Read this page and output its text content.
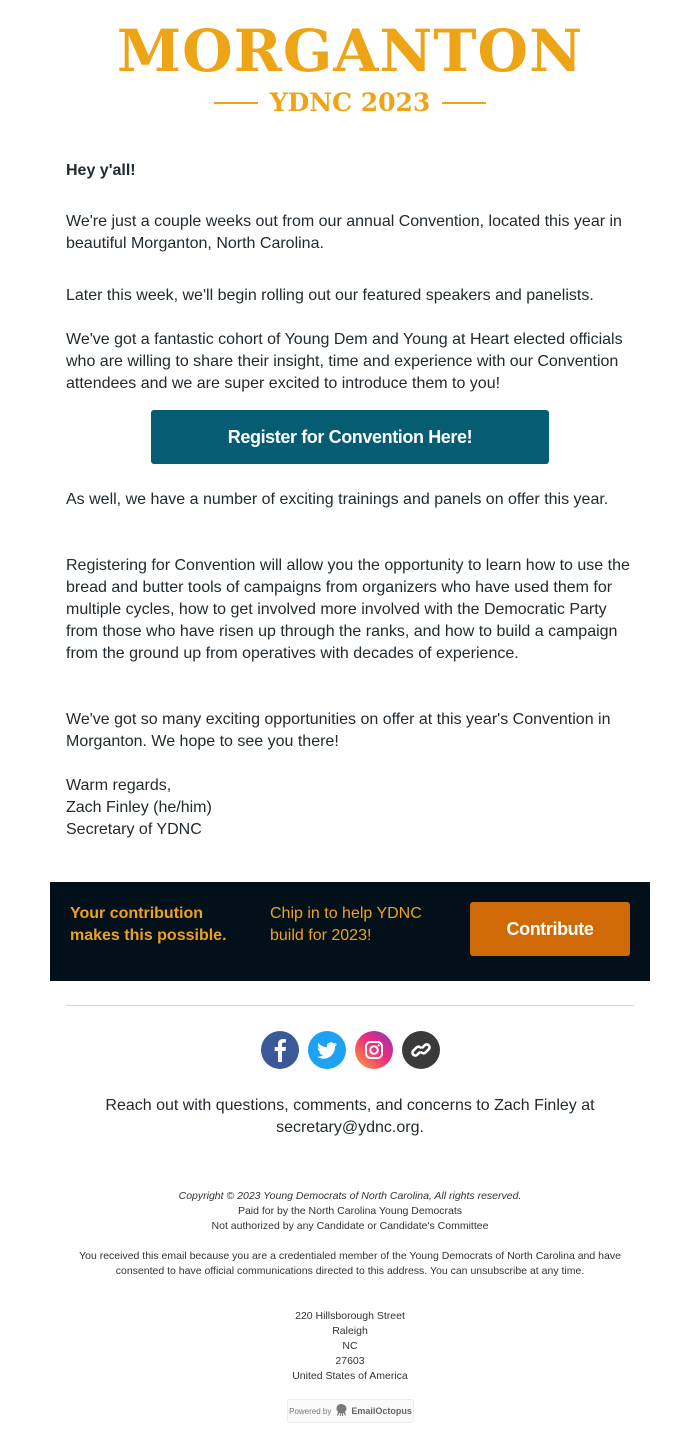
MORGANTON
YDNC 2023
Hey y'all!
We're just a couple weeks out from our annual Convention, located this year in beautiful Morganton, North Carolina.
Later this week, we'll begin rolling out our featured speakers and panelists.
We've got a fantastic cohort of Young Dem and Young at Heart elected officials who are willing to share their insight, time and experience with our Convention attendees and we are super excited to introduce them to you!
Register for Convention Here!
As well, we have a number of exciting trainings and panels on offer this year.
Registering for Convention will allow you the opportunity to learn how to use the bread and butter tools of campaigns from organizers who have used them for multiple cycles, how to get involved more involved with the Democratic Party from those who have risen up through the ranks, and how to build a campaign from the ground up from operatives with decades of experience.
We've got so many exciting opportunities on offer at this year's Convention in Morganton. We hope to see you there!

Warm regards,

Zach Finley (he/him)

Secretary of YDNC

Your contribution makes this possible.
Chip in to help YDNC build for 2023!	Contribute
Reach out with questions, comments, and concerns to Zach Finley at secretary@ydnc.org.

Copyright © 2023 Young Democrats of North Carolina, All rights reserved.

Paid for by the North Carolina Young Democrats

Not authorized by any Candidate or Candidate's Committee

You received this email because you are a credentialed member of the Young Democrats of North Carolina and have consented to have official communications directed to this address. You can unsubscribe at any time.

220 Hillsborough Street

Raleigh

NC

27603

United States of America

Powered by EmailOctopus
